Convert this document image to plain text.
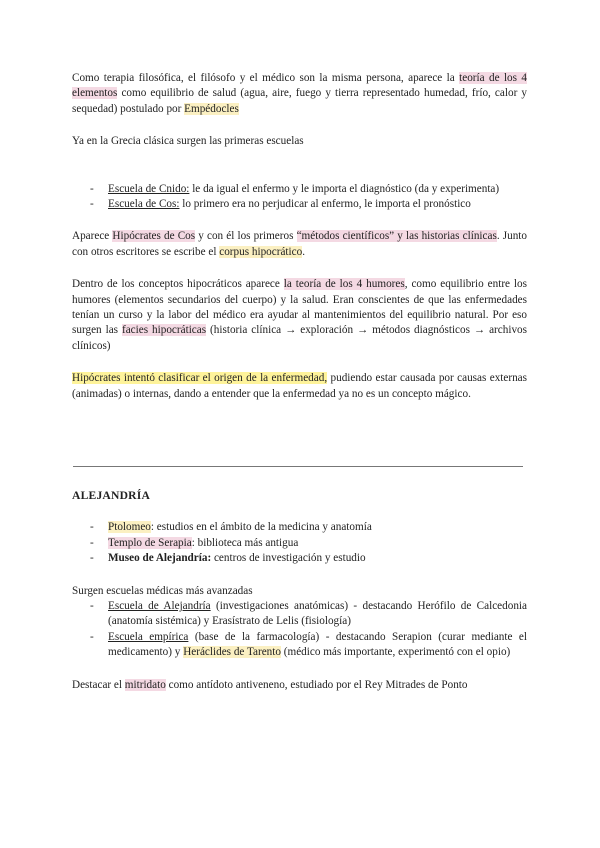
Como terapia filosófica, el filósofo y el médico son la misma persona, aparece la teoría de los 4 elementos como equilibrio de salud (agua, aire, fuego y tierra representado humedad, frío, calor y sequedad) postulado por Empédocles

Ya en la Grecia clásica surgen las primeras escuelas

- Escuela de Cnido: le da igual el enfermo y le importa el diagnóstico (da y experimenta)
- Escuela de Cos: lo primero era no perjudicar al enfermo, le importa el pronóstico

Aparece Hipócrates de Cos y con él los primeros “métodos científicos” y las historias clínicas. Junto con otros escritores se escribe el corpus hipocrático.

Dentro de los conceptos hipocráticos aparece la teoría de los 4 humores, como equilibrio entre los humores (elementos secundarios del cuerpo) y la salud. Eran conscientes de que las enfermedades tenían un curso y la labor del médico era ayudar al mantenimientos del equilibrio natural. Por eso surgen las facies hipocráticas (historia clínica → exploración → métodos diagnósticos → archivos clínicos)

Hipócrates intentó clasificar el origen de la enfermedad, pudiendo estar causada por causas externas (animadas) o internas, dando a entender que la enfermedad ya no es un concepto mágico.

ALEJANDRÍA

- Ptolomeo: estudios en el ámbito de la medicina y anatomía
- Templo de Serapia: biblioteca más antigua
- Museo de Alejandría: centros de investigación y estudio

Surgen escuelas médicas más avanzadas

- Escuela de Alejandría (investigaciones anatómicas) - destacando Herófilo de Calcedonia (anatomía sistémica) y Erasístrato de Lelis (fisiología)
- Escuela empírica (base de la farmacología) - destacando Serapion (curar mediante el medicamento) y Heráclides de Tarento (médico más importante, experimentó con el opio)

Destacar el mitridato como antídoto antiveneno, estudiado por el Rey Mitrades de Ponto
